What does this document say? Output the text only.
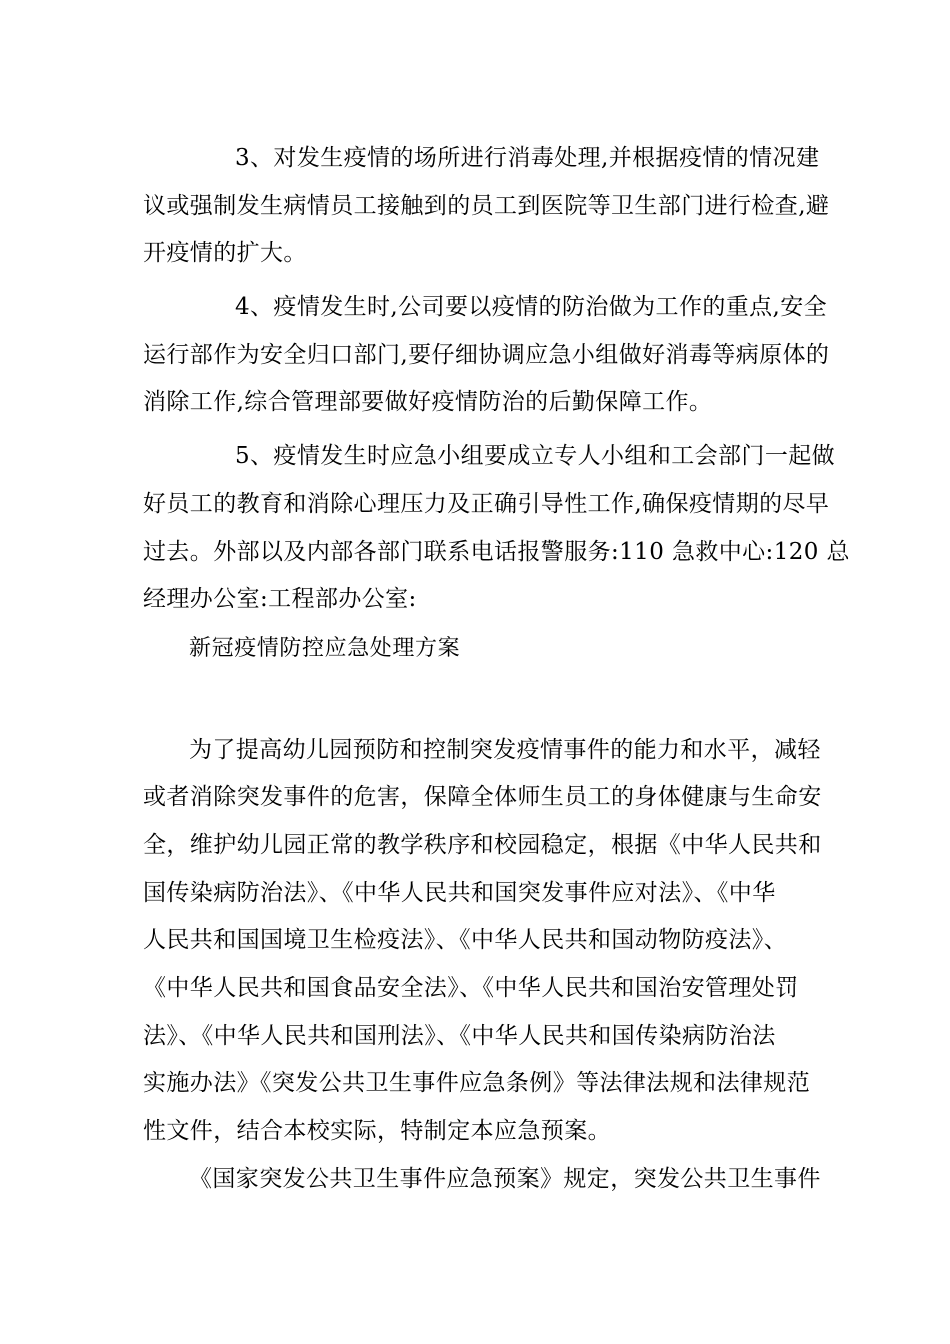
3、对发生疫情的场所进行消毒处理,并根据疫情的情况建
议或强制发生病情员工接触到的员工到医院等卫生部门进行检查,避
开疫情的扩大。
4、疫情发生时,公司要以疫情的防治做为工作的重点,安全
运行部作为安全归口部门,要仔细协调应急小组做好消毒等病原体的
消除工作,综合管理部要做好疫情防治的后勤保障工作。
5、疫情发生时应急小组要成立专人小组和工会部门一起做
好员工的教育和消除心理压力及正确引导性工作,确保疫情期的尽早
过去。外部以及内部各部门联系电话报警服务:110 急救中心:120 总
经理办公室:工程部办公室:
新冠疫情防控应急处理方案
为了提高幼儿园预防和控制突发疫情事件的能力和水平，减轻
或者消除突发事件的危害，保障全体师生员工的身体健康与生命安
全，维护幼儿园正常的教学秩序和校园稳定，根据《中华人民共和
国传染病防治法》、《中华人民共和国突发事件应对法》、《中华
人民共和国国境卫生检疫法》、《中华人民共和国动物防疫法》、
《中华人民共和国食品安全法》、《中华人民共和国治安管理处罚
法》、《中华人民共和国刑法》、《中华人民共和国传染病防治法
实施办法》《突发公共卫生事件应急条例》等法律法规和法律规范
性文件，结合本校实际，特制定本应急预案。
《国家突发公共卫生事件应急预案》规定，突发公共卫生事件
